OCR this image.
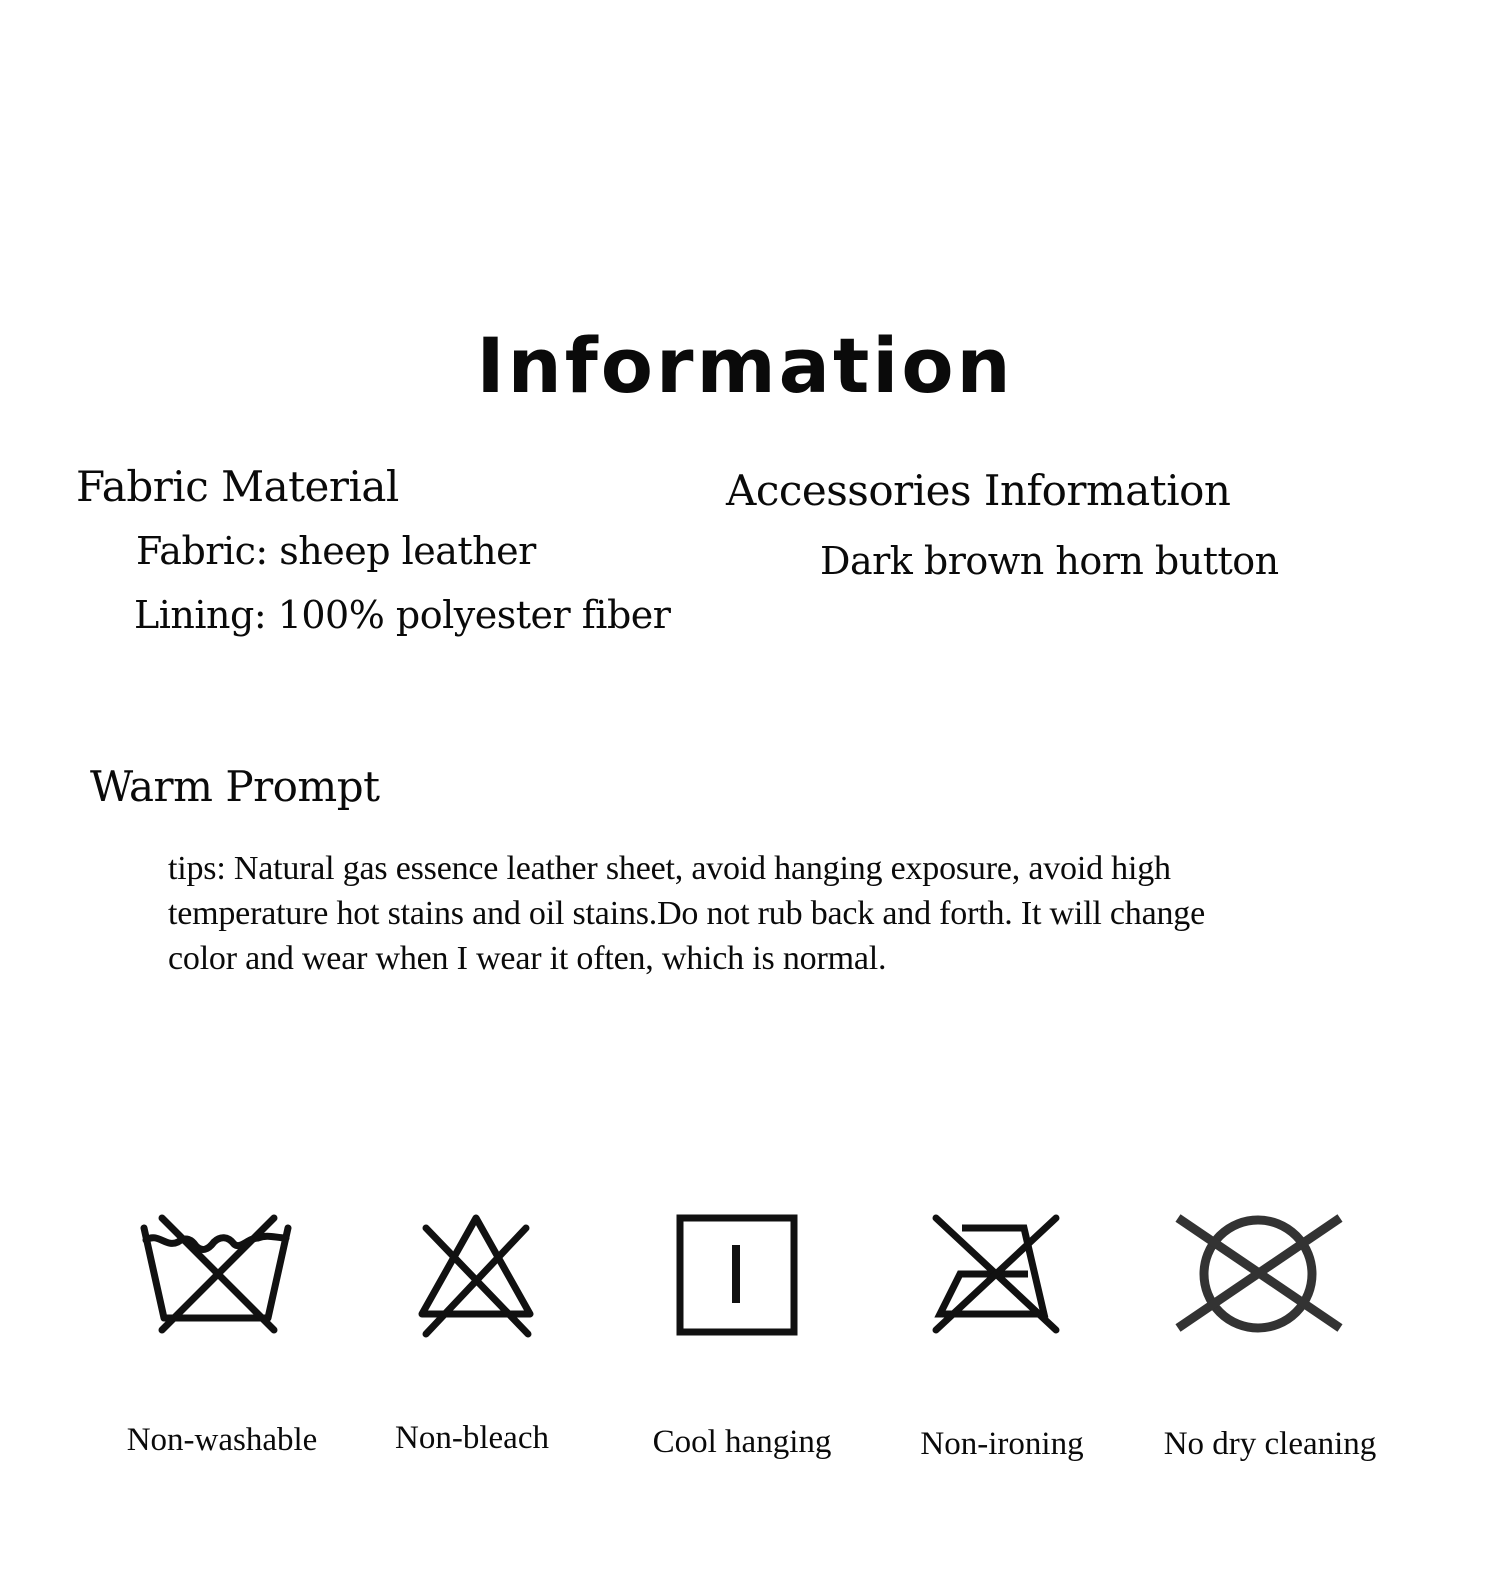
Information
Fabric Material
Fabric: sheep leather
Lining: 100% polyester fiber
Accessories Information
Dark brown horn button
Warm Prompt
tips: Natural gas essence leather sheet, avoid hanging exposure, avoid high
temperature hot stains and oil stains.Do not rub back and forth. It will change
color and wear when I wear it often, which is normal.
Non-washable Non-bleach	Cool hanging	Non-ironing No dry cleaning
